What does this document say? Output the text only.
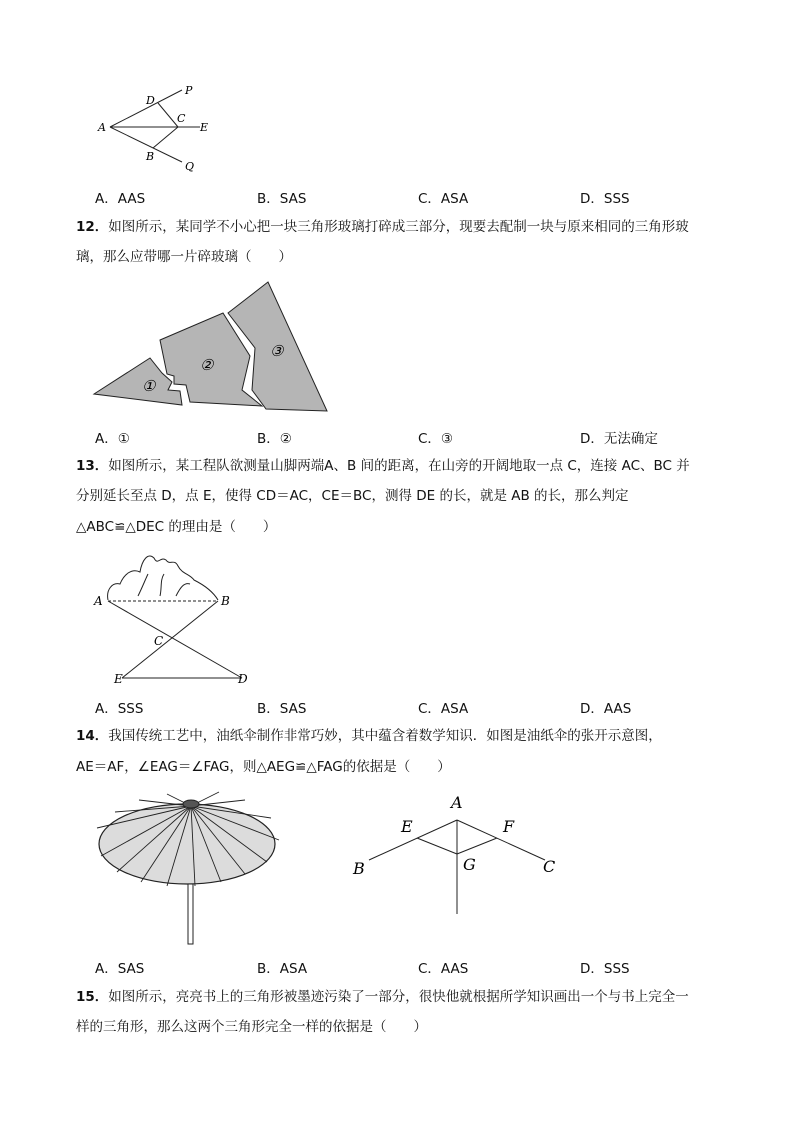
D
P
A
C
E
B
Q
A．AAS	B．SAS	C．ASA	D．SSS
12．如图所示，某同学不小心把一块三角形玻璃打碎成三部分，现要去配制一块与原来相同的三角形玻
璃，那么应带哪一片碎玻璃（　　）
①
②
③
A．①	B．②	C．③	D．无法确定
13．如图所示，某工程队欲测量山脚两端A、B 间的距离，在山旁的开阔地取一点 C，连接 AC、BC 并
分别延长至点 D，点 E，使得 CD＝AC，CE＝BC，测得 DE 的长，就是 AB 的长，那么判定
△ABC≌△DEC 的理由是（　　）
A	B
C
E	D
A．SSS	B．SAS	C．ASA	D．AAS
14．我国传统工艺中，油纸伞制作非常巧妙，其中蕴含着数学知识．如图是油纸伞的张开示意图，
AE＝AF，∠EAG＝∠FAG，则△AEG≌△FAG的依据是（　　）
A
E	F
B	G	C
A．SAS	B．ASA	C．AAS	D．SSS
15．如图所示，亮亮书上的三角形被墨迹污染了一部分，很快他就根据所学知识画出一个与书上完全一
样的三角形，那么这两个三角形完全一样的依据是（　　）
